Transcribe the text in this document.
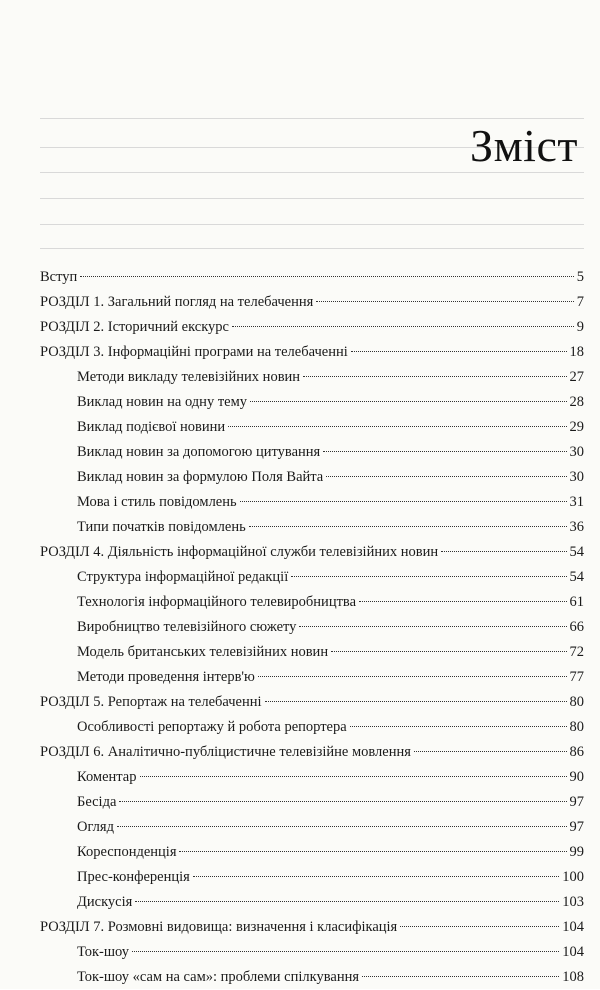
Зміст
Вступ	5
РОЗДІЛ 1. Загальний погляд на телебачення	7
РОЗДІЛ 2. Історичний екскурс	9
РОЗДІЛ 3. Інформаційні програми на телебаченні	18
Методи викладу телевізійних новин	27
Виклад новин на одну тему	28
Виклад подієвої новини	29
Виклад новин за допомогою цитування	30
Виклад новин за формулою Поля Вайта	30
Мова і стиль повідомлень	31
Типи початків повідомлень	36
РОЗДІЛ 4. Діяльність інформаційної служби телевізійних новин	54
Структура інформаційної редакції	54
Технологія інформаційного телевиробництва	61
Виробництво телевізійного сюжету	66
Модель британських телевізійних новин	72
Методи проведення інтерв'ю	77
РОЗДІЛ 5. Репортаж на телебаченні	80
Особливості репортажу й робота репортера	80
РОЗДІЛ 6. Аналітично-публіцистичне телевізійне мовлення	86
Коментар	90
Бесіда	97
Огляд	97
Кореспонденція	99
Прес-конференція	100
Дискусія	103
РОЗДІЛ 7. Розмовні видовища: визначення і класифікація	104
Ток-шоу	104
Ток-шоу «сам на сам»: проблеми спілкування	108
